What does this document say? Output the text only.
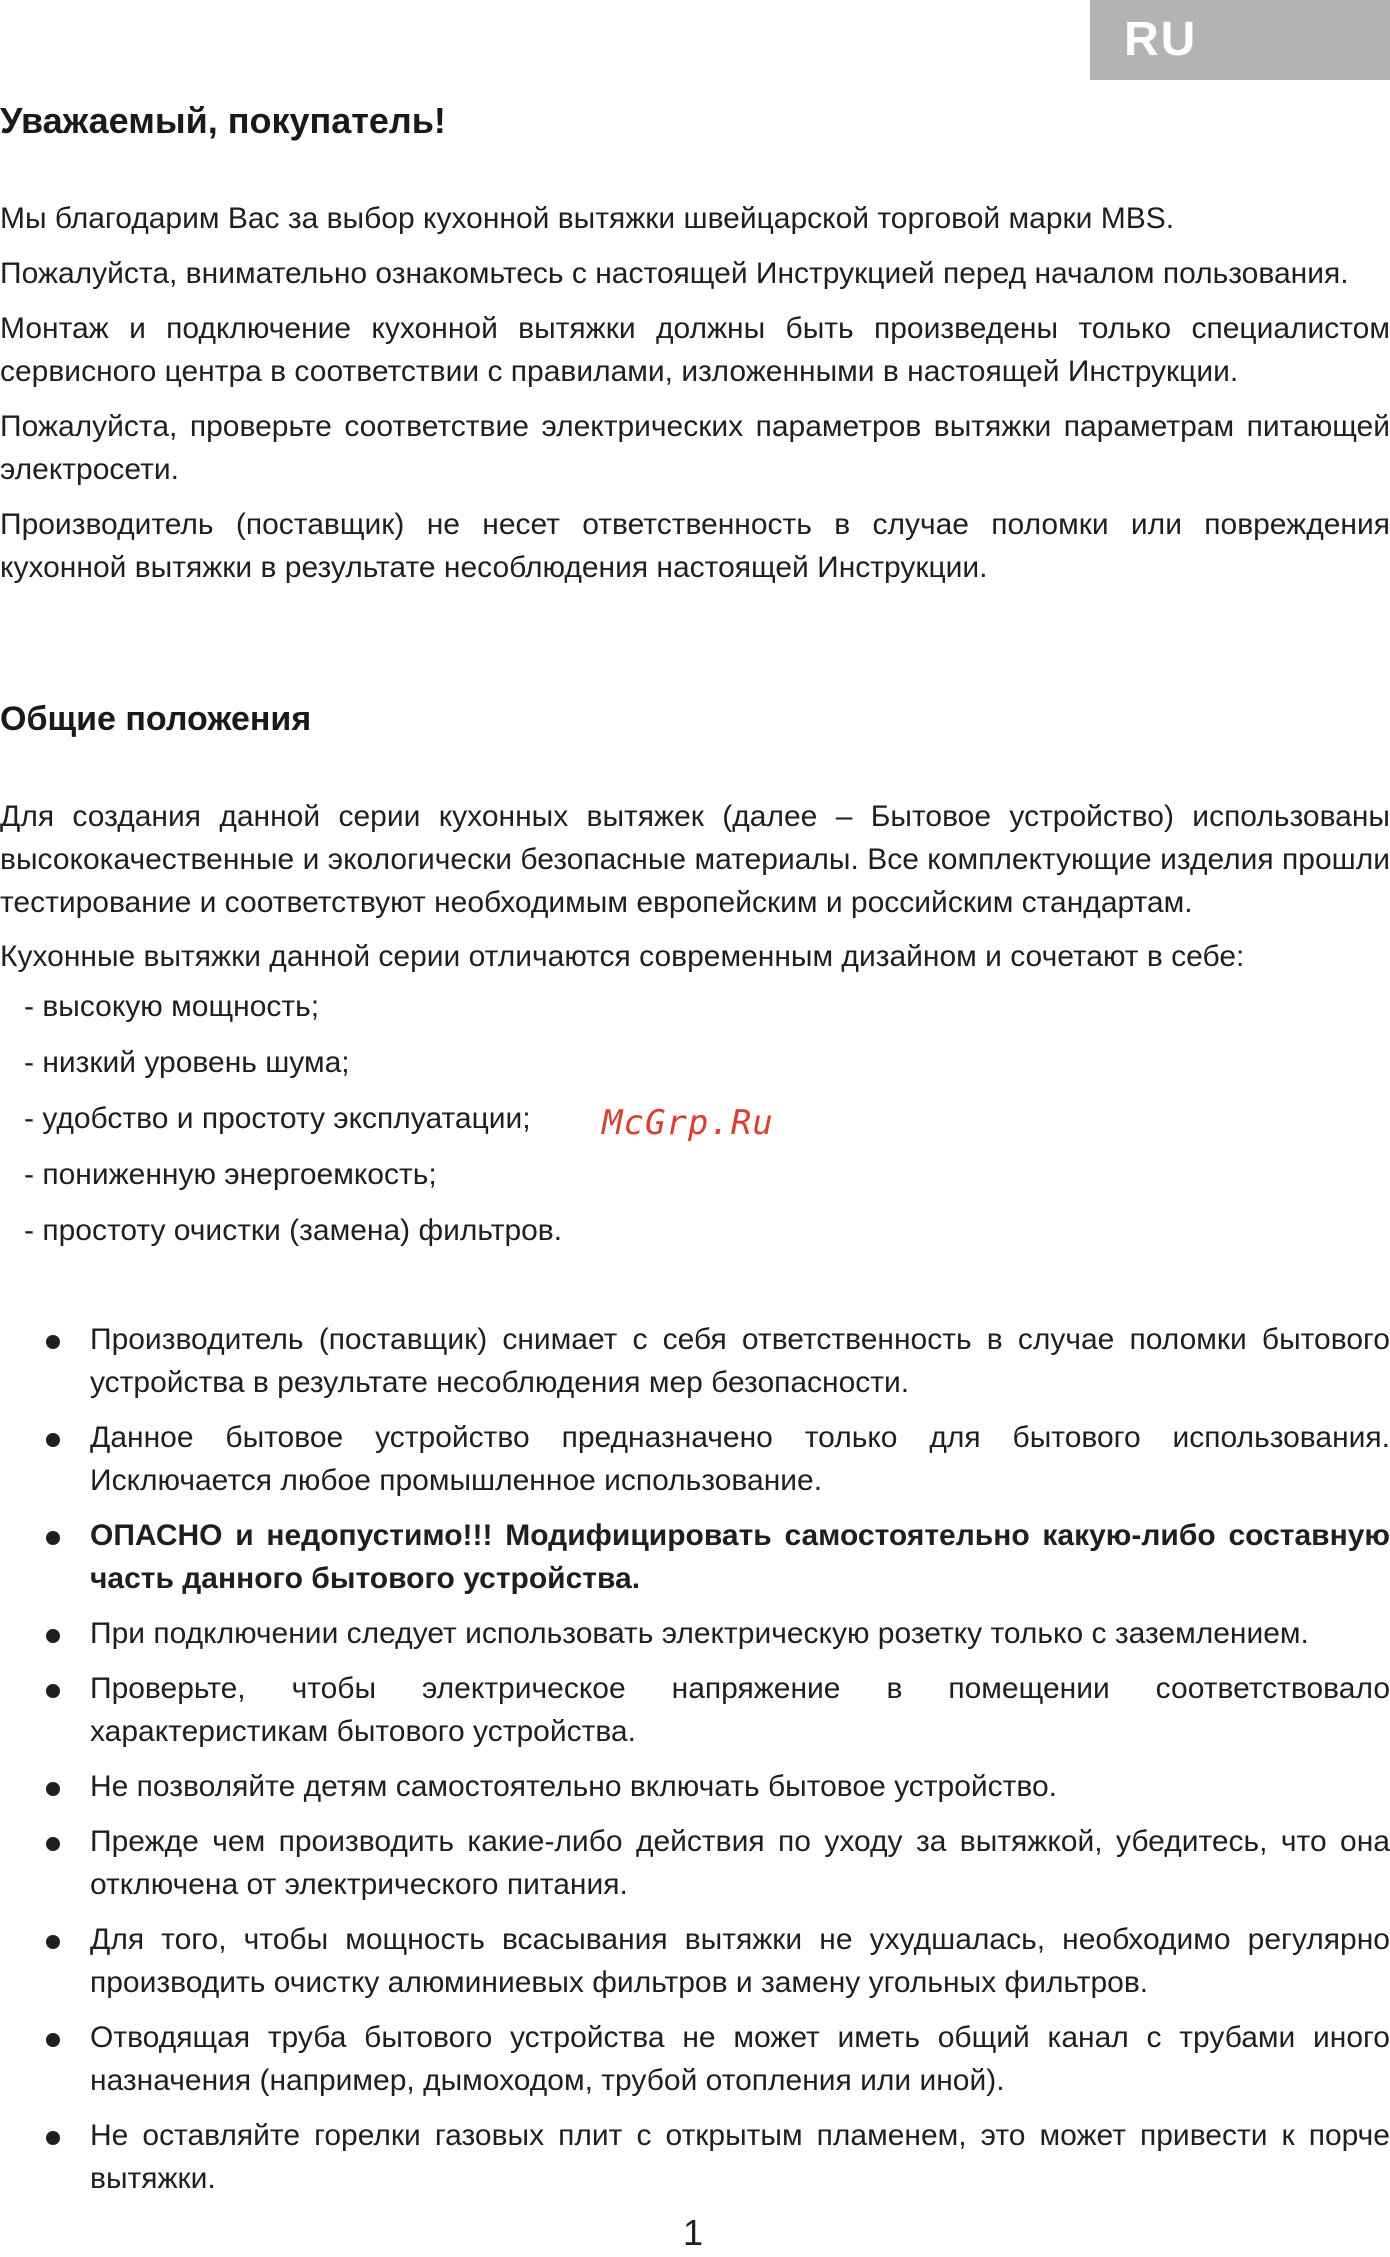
RU
Уважаемый, покупатель!

Мы благодарим Вас за выбор кухонной вытяжки швейцарской торговой марки MBS.

Пожалуйста, внимательно ознакомьтесь с настоящей Инструкцией перед началом пользования.

Монтаж и подключение кухонной вытяжки должны быть произведены только специалистом сервисного центра в соответствии с правилами, изложенными в настоящей Инструкции.

Пожалуйста, проверьте соответствие электрических параметров вытяжки параметрам питающей электросети.

Производитель (поставщик) не несет ответственность в случае поломки или повреждения кухонной вытяжки в результате несоблюдения настоящей Инструкции.

Общие положения

Для создания данной серии кухонных вытяжек (далее – Бытовое устройство) использованы высококачественные и экологически безопасные материалы. Все комплектующие изделия прошли тестирование и соответствуют необходимым европейским и российским стандартам.

Кухонные вытяжки данной серии отличаются современным дизайном и сочетают в себе:

- высокую мощность;
- низкий уровень шума;
- удобство и простоту эксплуатации;
- пониженную энергоемкость;
- простоту очистки (замена) фильтров.
McGrp.Ru
Производитель (поставщик) снимает с себя ответственность в случае поломки бытового устройства в результате несоблюдения мер безопасности.
Данное бытовое устройство предназначено только для бытового использования. Исключается любое промышленное использование.
ОПАСНО и недопустимо!!! Модифицировать самостоятельно какую-либо составную часть данного бытового устройства.
При подключении следует использовать электрическую розетку только с заземлением.
Проверьте, чтобы электрическое напряжение в помещении соответствовало характеристикам бытового устройства.
Не позволяйте детям самостоятельно включать бытовое устройство.
Прежде чем производить какие-либо действия по уходу за вытяжкой, убедитесь, что она отключена от электрического питания.
Для того, чтобы мощность всасывания вытяжки не ухудшалась, необходимо регулярно производить очистку алюминиевых фильтров и замену угольных фильтров.
Отводящая труба бытового устройства не может иметь общий канал с трубами иного назначения (например, дымоходом, трубой отопления или иной).
Не оставляйте горелки газовых плит с открытым пламенем, это может привести к порче вытяжки.
1
